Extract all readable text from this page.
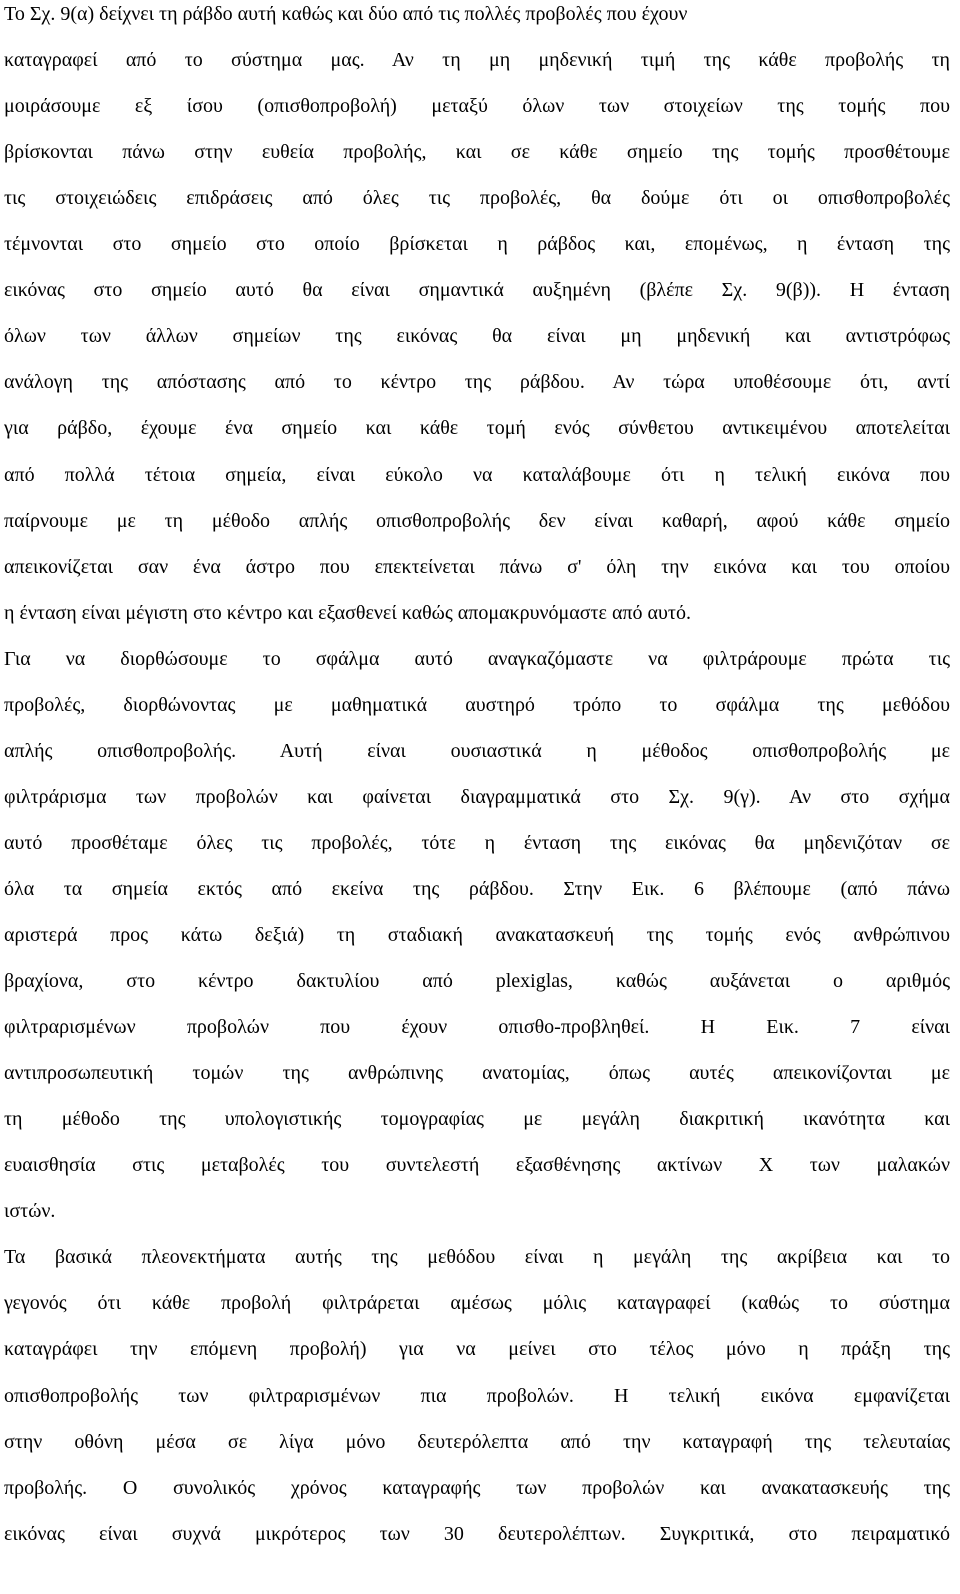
Το Σχ. 9(α) δείχνει τη ράβδο αυτή καθώς και δύο από τις πολλές προβολές που έχουν
καταγραφεί από το σύστημα μας. Αν τη μη μηδενική τιμή της κάθε προβολής τη
μοιράσουμε εξ ίσου (οπισθοπροβολή) μεταξύ όλων των στοιχείων της τομής που
βρίσκονται πάνω στην ευθεία προβολής, και σε κάθε σημείο της τομής προσθέτουμε
τις στοιχειώδεις επιδράσεις από όλες τις προβολές, θα δούμε ότι οι οπισθοπροβολές
τέμνονται στο σημείο στο οποίο βρίσκεται η ράβδος και, επομένως, η ένταση της
εικόνας στο σημείο αυτό θα είναι σημαντικά αυξημένη (βλέπε Σχ. 9(β)). Η ένταση
όλων των άλλων σημείων της εικόνας θα είναι μη μηδενική και αντιστρόφως
ανάλογη της απόστασης από το κέντρο της ράβδου. Αν τώρα υποθέσουμε ότι, αντί
για ράβδο, έχουμε ένα σημείο και κάθε τομή ενός σύνθετου αντικειμένου αποτελείται
από πολλά τέτοια σημεία, είναι εύκολο να καταλάβουμε ότι η τελική εικόνα που
παίρνουμε με τη μέθοδο απλής οπισθοπροβολής δεν είναι καθαρή, αφού κάθε σημείο
απεικονίζεται σαν ένα άστρο που επεκτείνεται πάνω σ' όλη την εικόνα και του οποίου
η ένταση είναι μέγιστη στο κέντρο και εξασθενεί καθώς απομακρυνόμαστε από αυτό.
Για να διορθώσουμε το σφάλμα αυτό αναγκαζόμαστε να φιλτράρουμε πρώτα τις
προβολές, διορθώνοντας με μαθηματικά αυστηρό τρόπο το σφάλμα της μεθόδου
απλής οπισθοπροβολής. Αυτή είναι ουσιαστικά η μέθοδος οπισθοπροβολής με
φιλτράρισμα των προβολών και φαίνεται διαγραμματικά στο Σχ. 9(γ). Αν στο σχήμα
αυτό προσθέταμε όλες τις προβολές, τότε η ένταση της εικόνας θα μηδενιζόταν σε
όλα τα σημεία εκτός από εκείνα της ράβδου. Στην Εικ. 6 βλέπουμε (από πάνω
αριστερά προς κάτω δεξιά) τη σταδιακή ανακατασκευή της τομής ενός ανθρώπινου
βραχίονα, στο κέντρο δακτυλίου από plexiglas, καθώς αυξάνεται ο αριθμός
φιλτραρισμένων προβολών που έχουν οπισθο-προβληθεί. Η Εικ. 7 είναι
αντιπροσωπευτική τομών της ανθρώπινης ανατομίας, όπως αυτές απεικονίζονται με
τη μέθοδο της υπολογιστικής τομογραφίας με μεγάλη διακριτική ικανότητα και
ευαισθησία στις μεταβολές του συντελεστή εξασθένησης ακτίνων Χ των μαλακών
ιστών.
Τα βασικά πλεονεκτήματα αυτής της μεθόδου είναι η μεγάλη της ακρίβεια και το
γεγονός ότι κάθε προβολή φιλτράρεται αμέσως μόλις καταγραφεί (καθώς το σύστημα
καταγράφει την επόμενη προβολή) για να μείνει στο τέλος μόνο η πράξη της
οπισθοπροβολής των φιλτραρισμένων πια προβολών. Η τελική εικόνα εμφανίζεται
στην οθόνη μέσα σε λίγα μόνο δευτερόλεπτα από την καταγραφή της τελευταίας
προβολής. Ο συνολικός χρόνος καταγραφής των προβολών και ανακατασκευής της
εικόνας είναι συχνά μικρότερος των 30 δευτερολέπτων. Συγκριτικά, στο πειραματικό
